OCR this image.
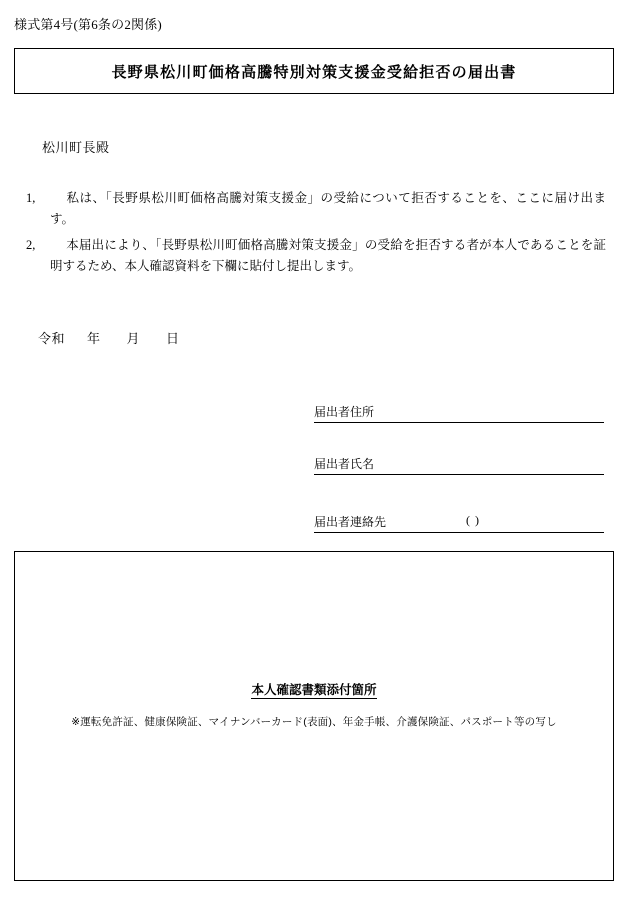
様式第4号(第6条の2関係)
長野県松川町価格高騰特別対策支援金受給拒否の届出書
松川町長殿
1,	私は、「長野県松川町価格高騰対策支援金」の受給について拒否することを、ここに届け出ます。
2,	本届出により、「長野県松川町価格高騰対策支援金」の受給を拒否する者が本人であることを証明するため、本人確認資料を下欄に貼付し提出します。
令和 年 月 日
届出者住所
届出者氏名
届出者連絡先	( )
本人確認書類添付箇所
※運転免許証、健康保険証、マイナンバーカード(表面)、年金手帳、介護保険証、パスポート等の写し
